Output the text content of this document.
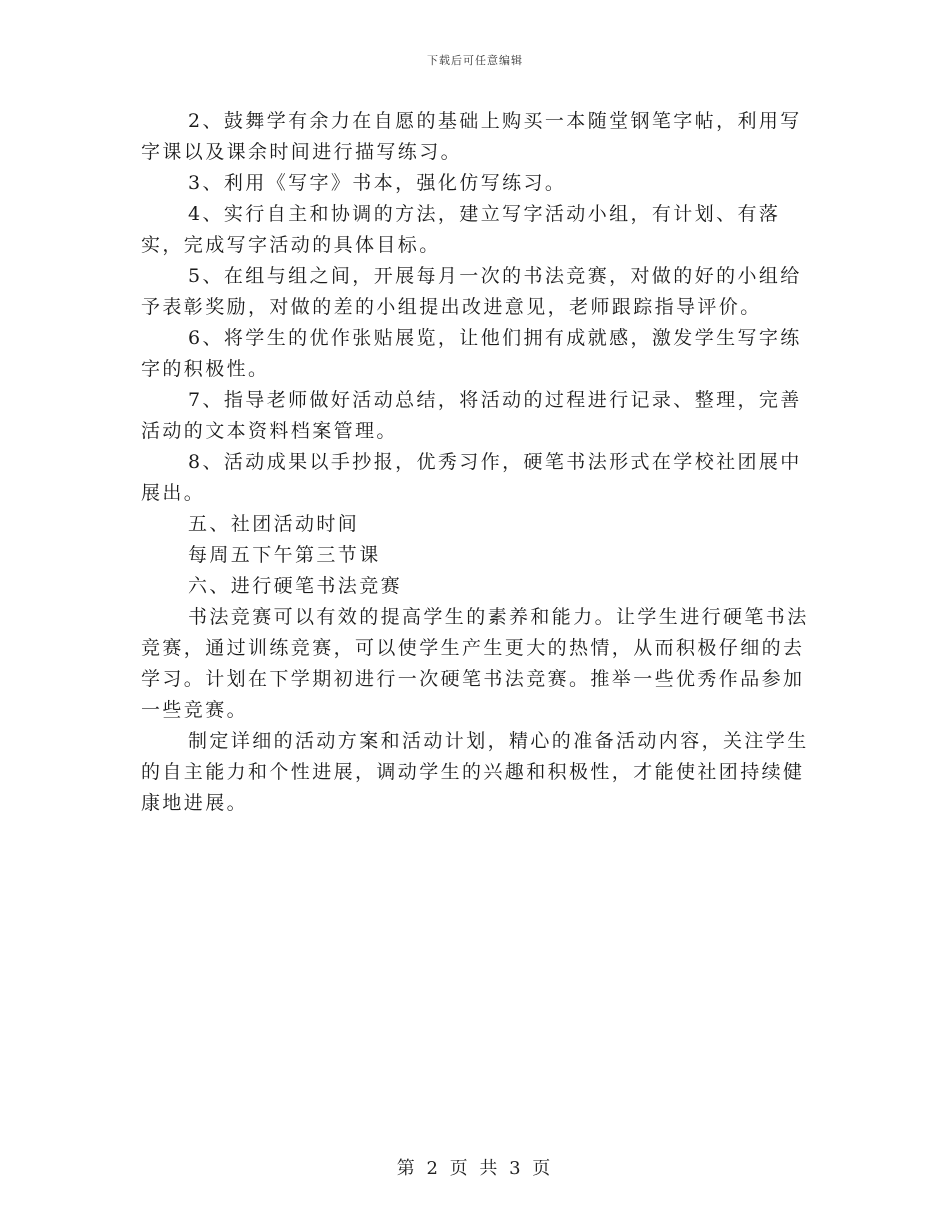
下载后可任意编辑

2、鼓舞学有余力在自愿的基础上购买一本随堂钢笔字帖，利用写字课以及课余时间进行描写练习。

3、利用《写字》书本，强化仿写练习。

4、实行自主和协调的方法，建立写字活动小组，有计划、有落实，完成写字活动的具体目标。

5、在组与组之间，开展每月一次的书法竞赛，对做的好的小组给予表彰奖励，对做的差的小组提出改进意见，老师跟踪指导评价。

6、将学生的优作张贴展览，让他们拥有成就感，激发学生写字练字的积极性。

7、指导老师做好活动总结，将活动的过程进行记录、整理，完善活动的文本资料档案管理。

8、活动成果以手抄报，优秀习作，硬笔书法形式在学校社团展中展出。

五、社团活动时间

每周五下午第三节课

六、进行硬笔书法竞赛

书法竞赛可以有效的提高学生的素养和能力。让学生进行硬笔书法竞赛，通过训练竞赛，可以使学生产生更大的热情，从而积极仔细的去学习。计划在下学期初进行一次硬笔书法竞赛。推举一些优秀作品参加一些竞赛。

制定详细的活动方案和活动计划，精心的准备活动内容，关注学生的自主能力和个性进展，调动学生的兴趣和积极性，才能使社团持续健康地进展。

第 2 页 共 3 页
